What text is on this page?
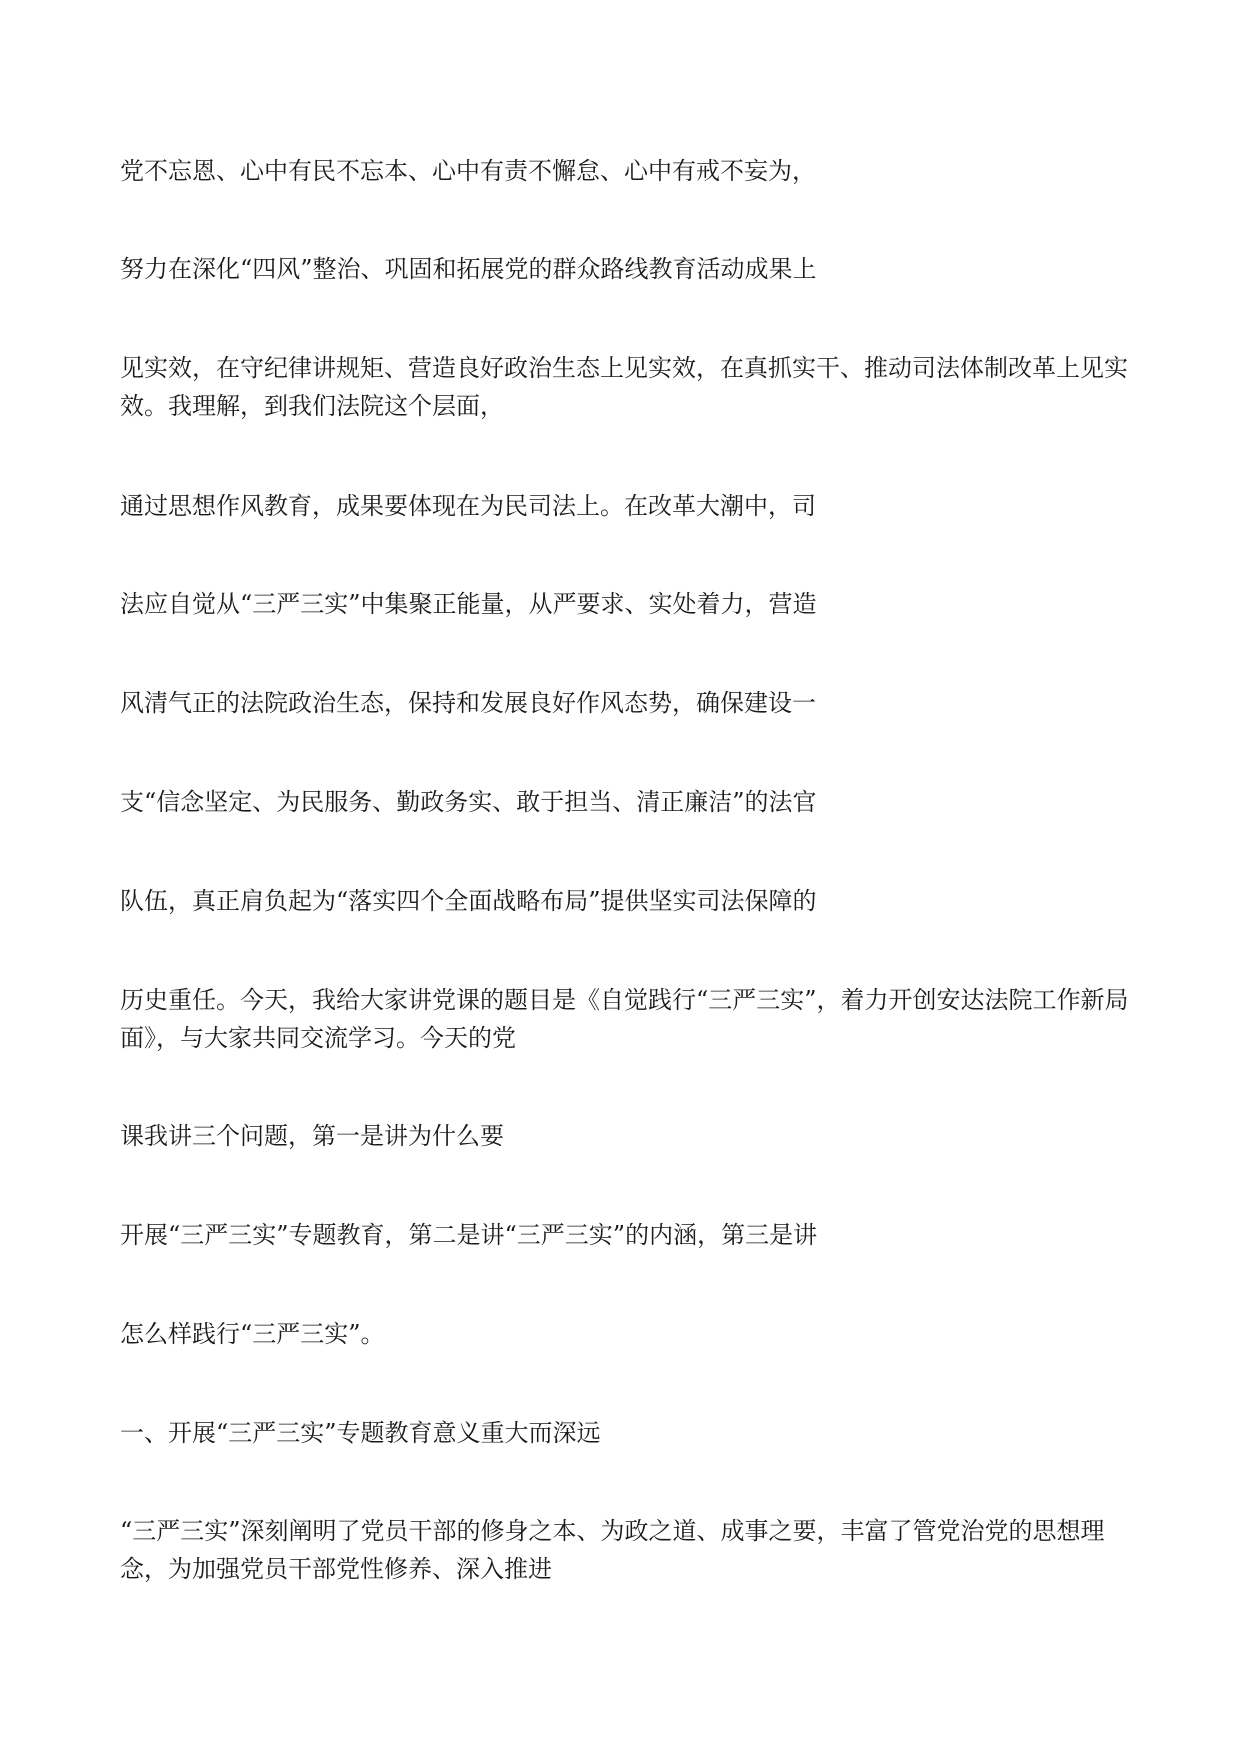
党不忘恩、心中有民不忘本、心中有责不懈怠、心中有戒不妄为，

努力在深化“四风”整治、巩固和拓展党的群众路线教育活动成果上

见实效，在守纪律讲规矩、营造良好政治生态上见实效，在真抓实干、推动司法体制改革上见实效。我理解，到我们法院这个层面，

通过思想作风教育，成果要体现在为民司法上。在改革大潮中，司

法应自觉从“三严三实”中集聚正能量，从严要求、实处着力，营造

风清气正的法院政治生态，保持和发展良好作风态势，确保建设一

支“信念坚定、为民服务、勤政务实、敢于担当、清正廉洁”的法官

队伍，真正肩负起为“落实四个全面战略布局”提供坚实司法保障的

历史重任。今天，我给大家讲党课的题目是《自觉践行“三严三实”，着力开创安达法院工作新局面》，与大家共同交流学习。今天的党

课我讲三个问题，第一是讲为什么要

开展“三严三实”专题教育，第二是讲“三严三实”的内涵，第三是讲

怎么样践行“三严三实”。

一、开展“三严三实”专题教育意义重大而深远

“三严三实”深刻阐明了党员干部的修身之本、为政之道、成事之要，丰富了管党治党的思想理念，为加强党员干部党性修养、深入推进
